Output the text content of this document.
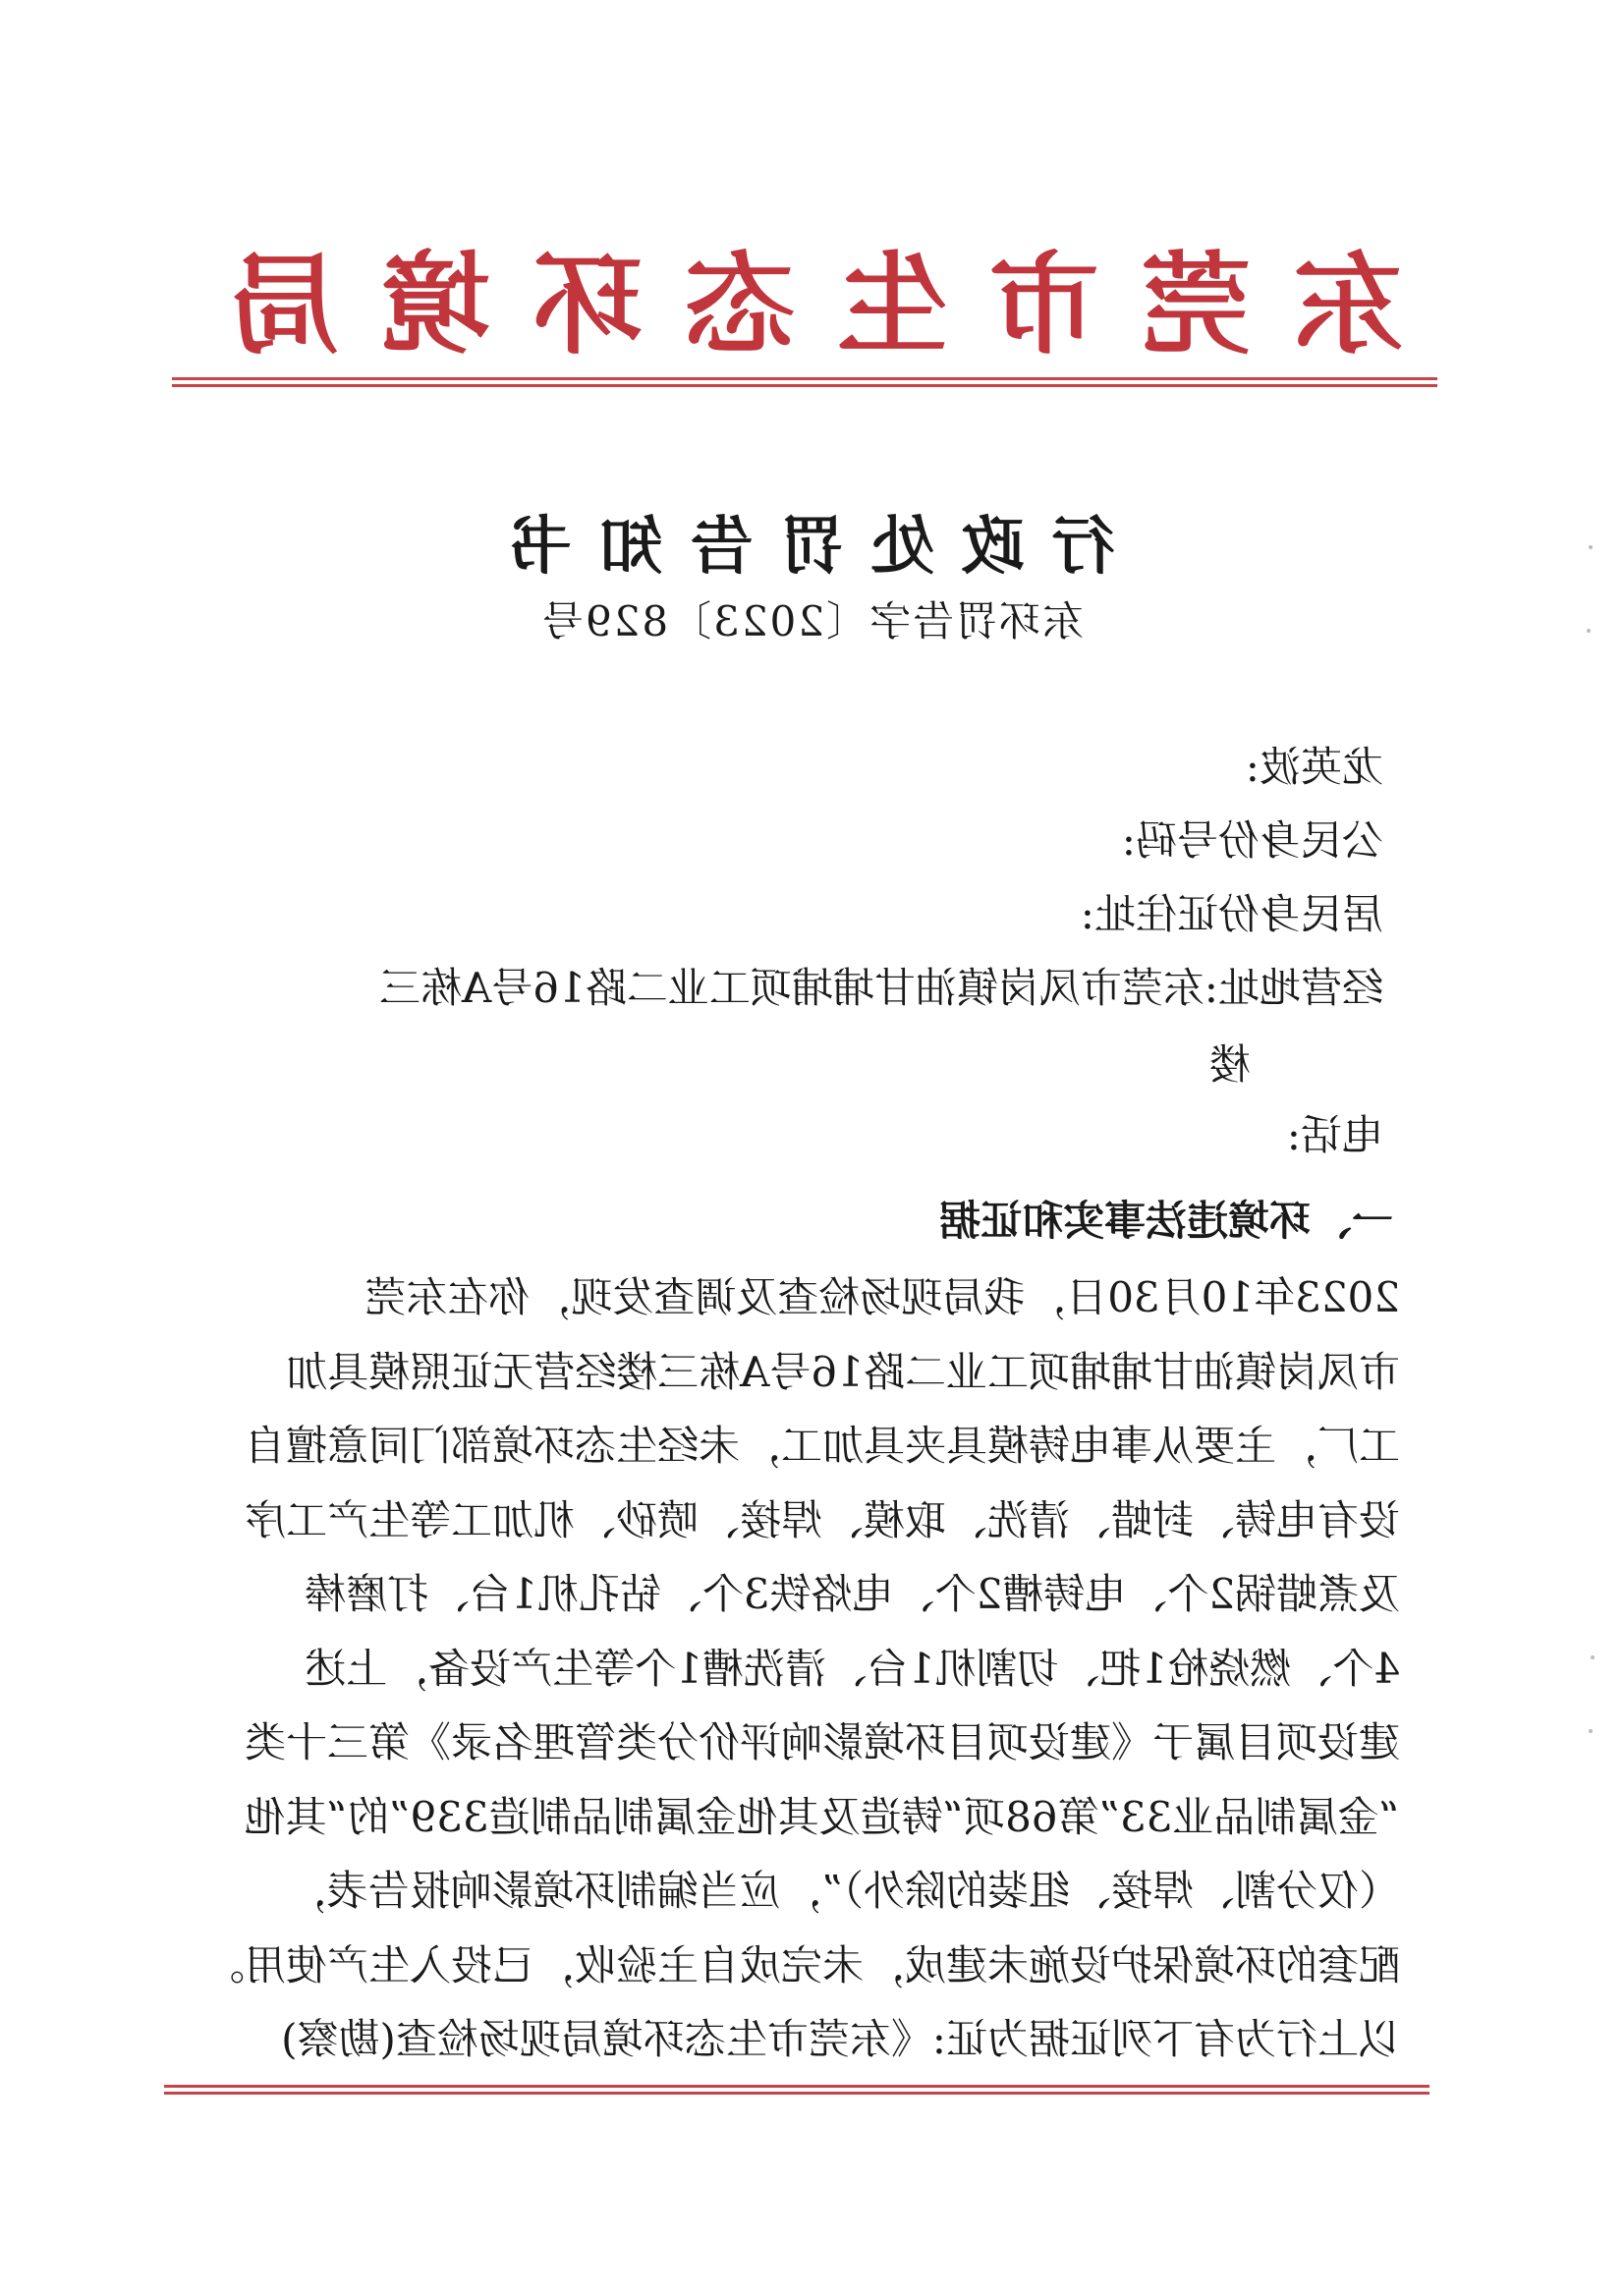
东
莞
市
生
态
环
境
局
行政处罚告知书
东环罚告字〔2023〕829号
龙英波:
公民身份号码:
居民身份证住址:
经营地址:东莞市凤岗镇油甘埔埔项工业二路16号A栋三
楼
电话:
一、环境违法事实和证据
2023年10月30日，我局现场检查及调查发现，你在东莞
市凤岗镇油甘埔埔项工业二路16号A栋三楼经营无证照模具加
工厂，主要从事电铸模具夹具加工，未经生态环境部门同意擅自
设有电铸、封蜡、清洗、取模、焊接、喷砂、机加工等生产工序
及煮蜡锅2个、电铸槽2个、电烙铁3个、钻孔机1台、打磨棒
4个、燃烧枪1把、切割机1台、清洗槽1个等生产设备，上述
建设项目属于《建设项目环境影响评价分类管理名录》第三十类
“金属制品业33”第68项“铸造及其他金属制品制造339”的“其他
（仅分割、焊接、组装的除外）”，应当编制环境影响报告表，
配套的环境保护设施未建成，未完成自主验收，已投入生产使用。
以上行为有下列证据为证:《东莞市生态环境局现场检查(勘察)
